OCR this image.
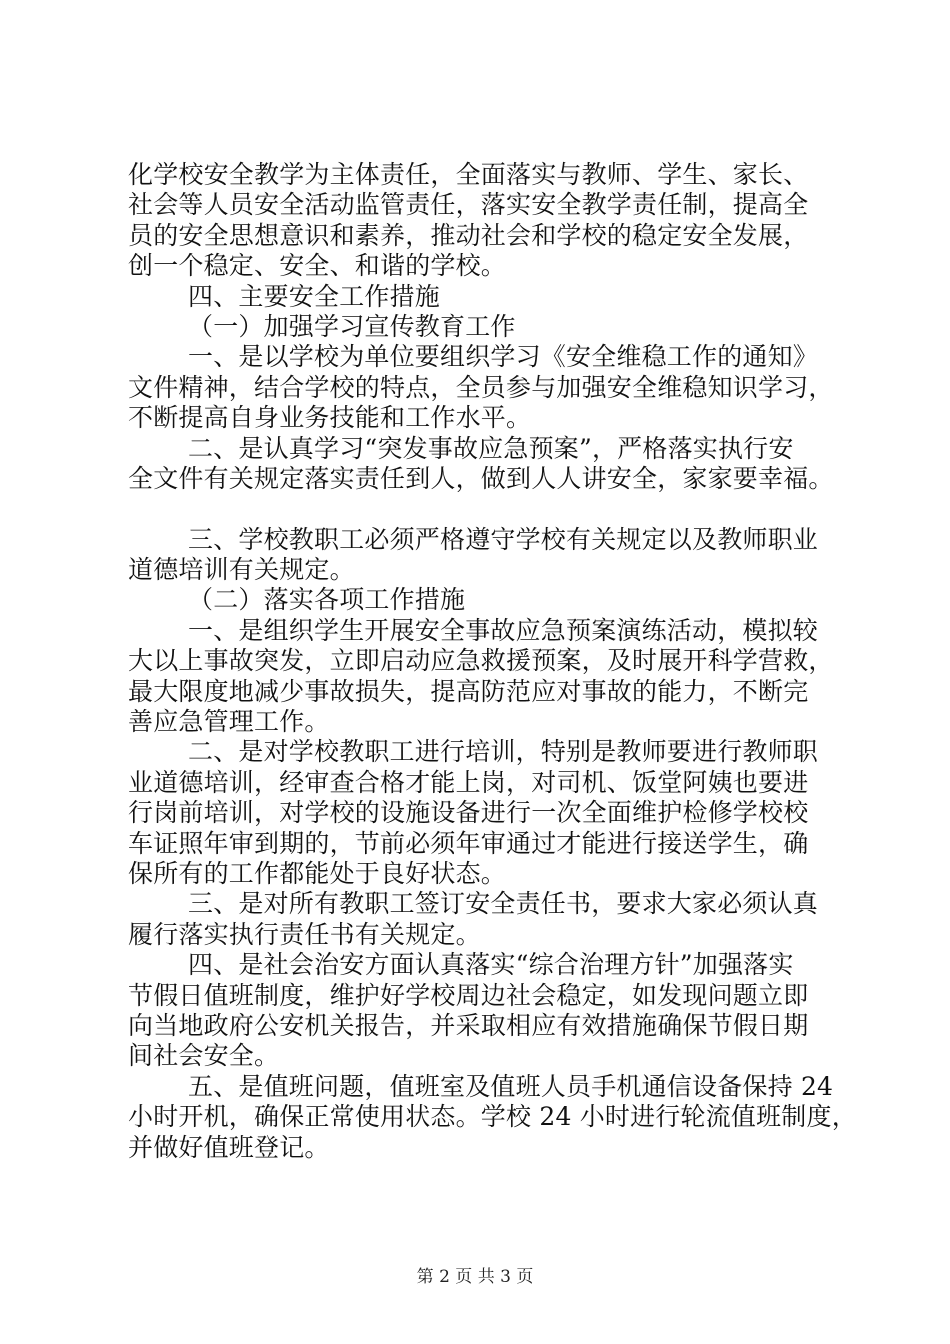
化学校安全教学为主体责任，全面落实与教师、学生、家长、
社会等人员安全活动监管责任，落实安全教学责任制，提高全
员的安全思想意识和素养，推动社会和学校的稳定安全发展，
创一个稳定、安全、和谐的学校。
四、主要安全工作措施
（一）加强学习宣传教育工作
一、是以学校为单位要组织学习《安全维稳工作的通知》
文件精神，结合学校的特点，全员参与加强安全维稳知识学习，
不断提高自身业务技能和工作水平。
二、是认真学习“突发事故应急预案”，严格落实执行安
全文件有关规定落实责任到人，做到人人讲安全，家家要幸福。
三、学校教职工必须严格遵守学校有关规定以及教师职业
道德培训有关规定。
（二）落实各项工作措施
一、是组织学生开展安全事故应急预案演练活动，模拟较
大以上事故突发，立即启动应急救援预案，及时展开科学营救，
最大限度地减少事故损失，提高防范应对事故的能力，不断完
善应急管理工作。
二、是对学校教职工进行培训，特别是教师要进行教师职
业道德培训，经审查合格才能上岗，对司机、饭堂阿姨也要进
行岗前培训，对学校的设施设备进行一次全面维护检修学校校
车证照年审到期的，节前必须年审通过才能进行接送学生，确
保所有的工作都能处于良好状态。
三、是对所有教职工签订安全责任书，要求大家必须认真
履行落实执行责任书有关规定。
四、是社会治安方面认真落实“综合治理方针”加强落实
节假日值班制度，维护好学校周边社会稳定，如发现问题立即
向当地政府公安机关报告，并采取相应有效措施确保节假日期
间社会安全。
五、是值班问题，值班室及值班人员手机通信设备保持 24
小时开机，确保正常使用状态。学校 24 小时进行轮流值班制度，
并做好值班登记。
第 2 页 共 3 页
